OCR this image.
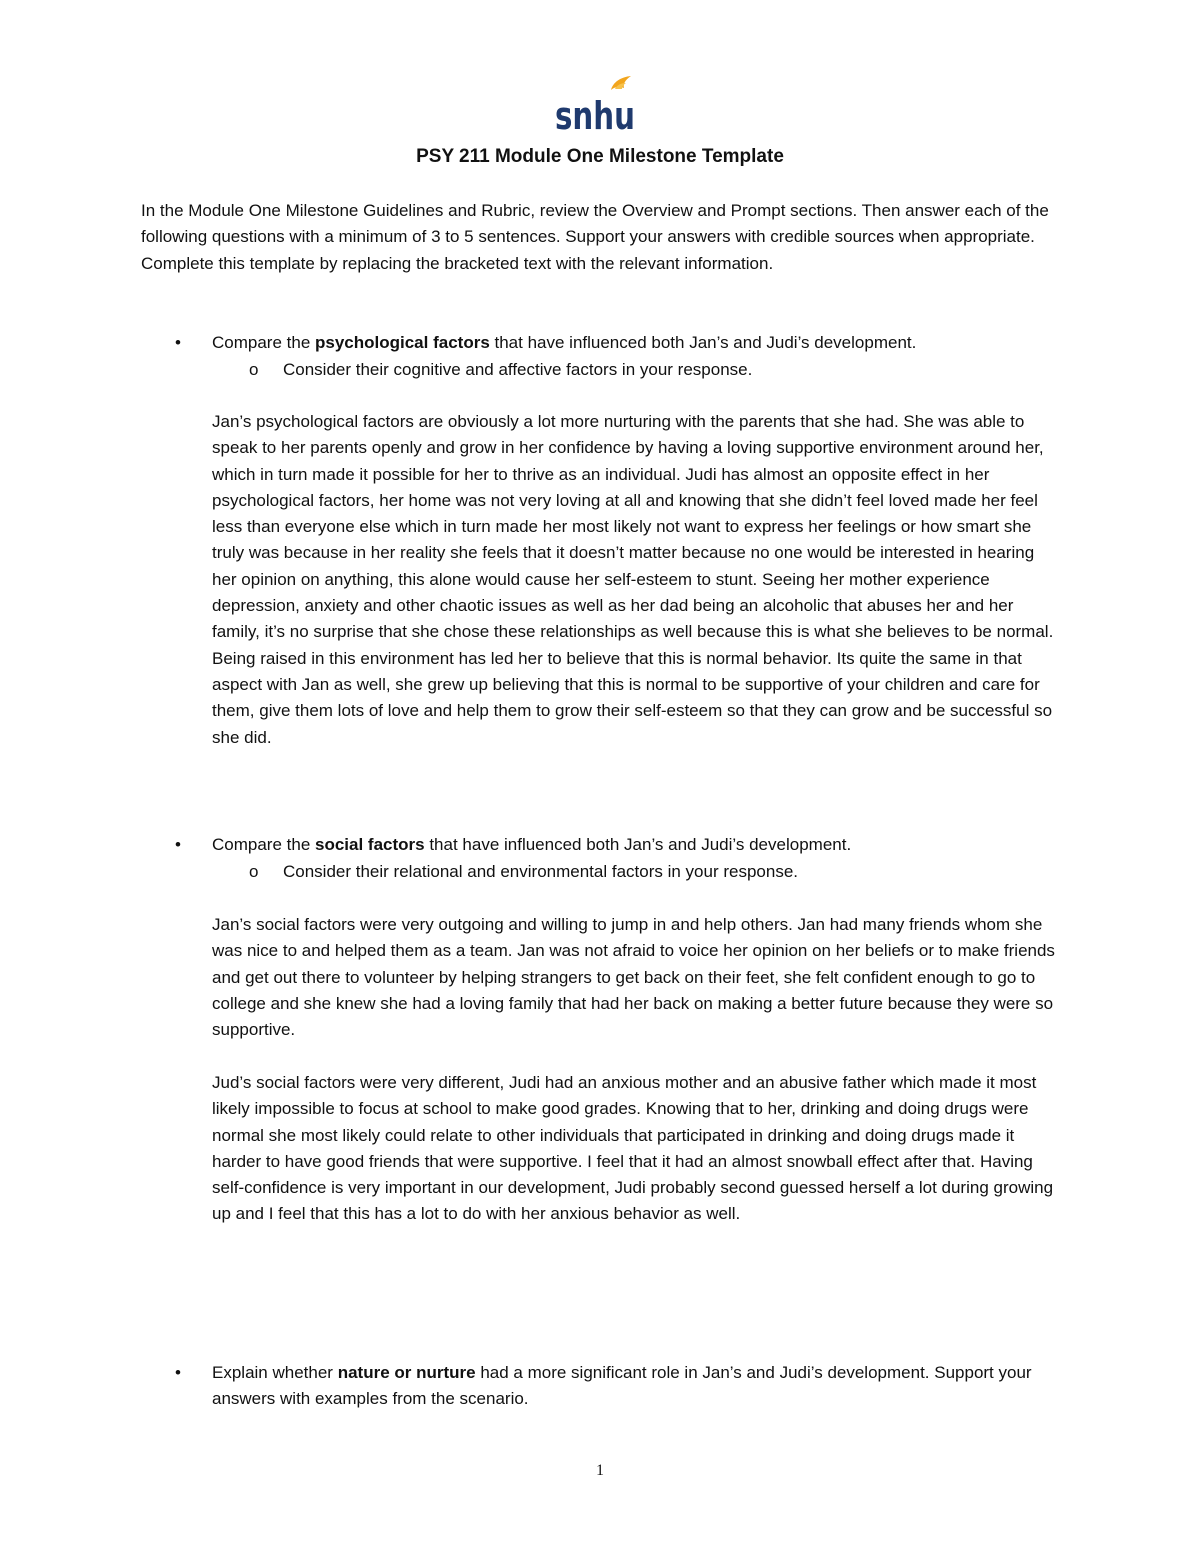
snhu
PSY 211 Module One Milestone Template

In the Module One Milestone Guidelines and Rubric, review the Overview and Prompt sections. Then answer each of the following questions with a minimum of 3 to 5 sentences. Support your answers with credible sources when appropriate. Complete this template by replacing the bracketed text with the relevant information.

•	Compare the psychological factors that have influenced both Jan’s and Judi’s development.

o Consider their cognitive and affective factors in your response.

Jan’s psychological factors are obviously a lot more nurturing with the parents that she had. She was able to speak to her parents openly and grow in her confidence by having a loving supportive environment around her, which in turn made it possible for her to thrive as an individual. Judi has almost an opposite effect in her psychological factors, her home was not very loving at all and knowing that she didn’t feel loved made her feel less than everyone else which in turn made her most likely not want to express her feelings or how smart she truly was because in her reality she feels that it doesn’t matter because no one would be interested in hearing her opinion on anything, this alone would cause her self-esteem to stunt. Seeing her mother experience depression, anxiety and other chaotic issues as well as her dad being an alcoholic that abuses her and her family, it’s no surprise that she chose these relationships as well because this is what she believes to be normal. Being raised in this environment has led her to believe that this is normal behavior. Its quite the same in that aspect with Jan as well, she grew up believing that this is normal to be supportive of your children and care for them, give them lots of love and help them to grow their self-esteem so that they can grow and be successful so she did.

•	Compare the social factors that have influenced both Jan’s and Judi’s development.

o Consider their relational and environmental factors in your response.

Jan’s social factors were very outgoing and willing to jump in and help others. Jan had many friends whom she was nice to and helped them as a team. Jan was not afraid to voice her opinion on her beliefs or to make friends and get out there to volunteer by helping strangers to get back on their feet, she felt confident enough to go to college and she knew she had a loving family that had her back on making a better future because they were so supportive.

Jud’s social factors were very different, Judi had an anxious mother and an abusive father which made it most likely impossible to focus at school to make good grades. Knowing that to her, drinking and doing drugs were normal she most likely could relate to other individuals that participated in drinking and doing drugs made it harder to have good friends that were supportive. I feel that it had an almost snowball effect after that. Having self-confidence is very important in our development, Judi probably second guessed herself a lot during growing up and I feel that this has a lot to do with her anxious behavior as well.

•	Explain whether nature or nurture had a more significant role in Jan’s and Judi’s development. Support your answers with examples from the scenario.

1
